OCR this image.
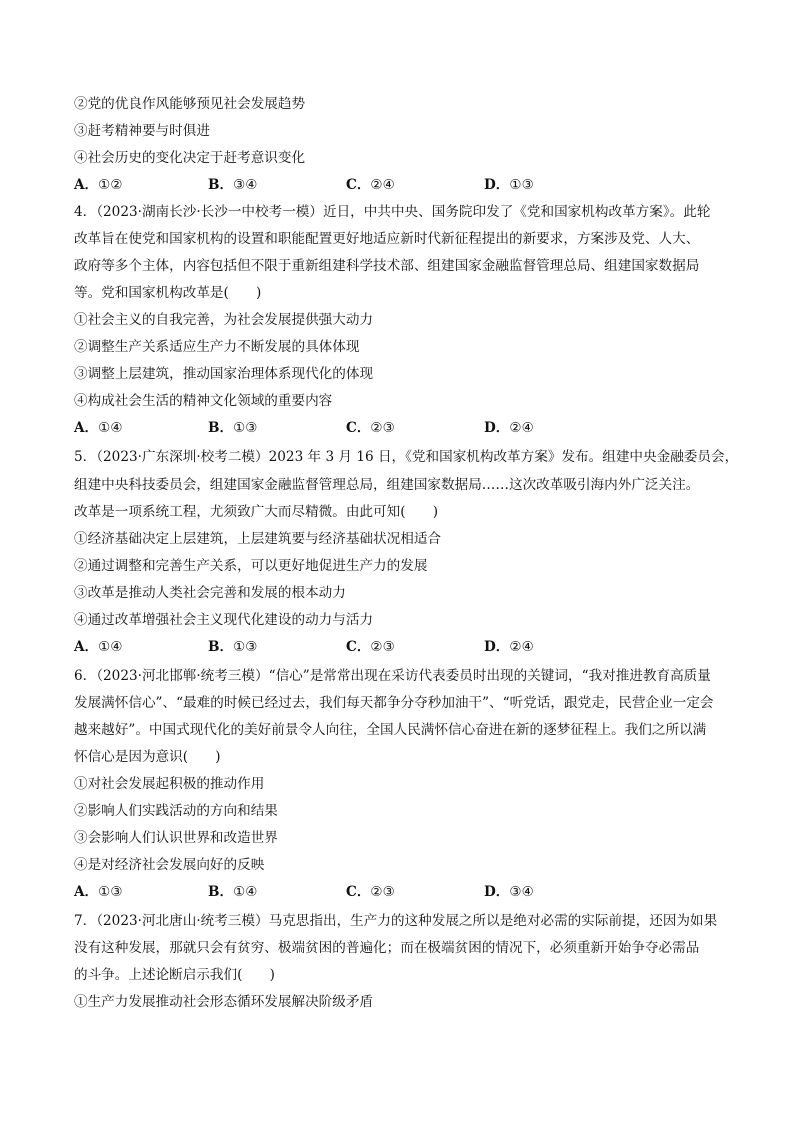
②党的优良作风能够预见社会发展趋势
③赶考精神要与时俱进
④社会历史的变化决定于赶考意识变化
A．①②	B．③④	C．②④	D．①③
4．（2023·湖南长沙·长沙一中校考一模）近日，中共中央、国务院印发了《党和国家机构改革方案》。此轮
改革旨在使党和国家机构的设置和职能配置更好地适应新时代新征程提出的新要求，方案涉及党、人大、
政府等多个主体，内容包括但不限于重新组建科学技术部、组建国家金融监督管理总局、组建国家数据局
等。党和国家机构改革是(　　)
①社会主义的自我完善，为社会发展提供强大动力
②调整生产关系适应生产力不断发展的具体体现
③调整上层建筑，推动国家治理体系现代化的体现
④构成社会生活的精神文化领域的重要内容
A．①④	B．①③	C．②③	D．②④
5．（2023·广东深圳·校考二模）2023 年 3 月 16 日，《党和国家机构改革方案》发布。组建中央金融委员会，
组建中央科技委员会，组建国家金融监督管理总局，组建国家数据局……这次改革吸引海内外广泛关注。
改革是一项系统工程，尤须致广大而尽精微。由此可知(　　)
①经济基础决定上层建筑，上层建筑要与经济基础状况相适合
②通过调整和完善生产关系，可以更好地促进生产力的发展
③改革是推动人类社会完善和发展的根本动力
④通过改革增强社会主义现代化建设的动力与活力
A．①④	B．①③	C．②③	D．②④
6．（2023·河北邯郸·统考三模）“信心”是常常出现在采访代表委员时出现的关键词，“我对推进教育高质量
发展满怀信心”、“最难的时候已经过去，我们每天都争分夺秒加油干”、“听党话，跟党走，民营企业一定会
越来越好”。中国式现代化的美好前景令人向往，全国人民满怀信心奋进在新的逐梦征程上。我们之所以满
怀信心是因为意识(　　)
①对社会发展起积极的推动作用
②影响人们实践活动的方向和结果
③会影响人们认识世界和改造世界
④是对经济社会发展向好的反映
A．①③	B．①④	C．②③	D．③④
7．（2023·河北唐山·统考三模）马克思指出，生产力的这种发展之所以是绝对必需的实际前提，还因为如果
没有这种发展，那就只会有贫穷、极端贫困的普遍化；而在极端贫困的情况下，必须重新开始争夺必需品
的斗争。上述论断启示我们(　　)
①生产力发展推动社会形态循环发展解决阶级矛盾
